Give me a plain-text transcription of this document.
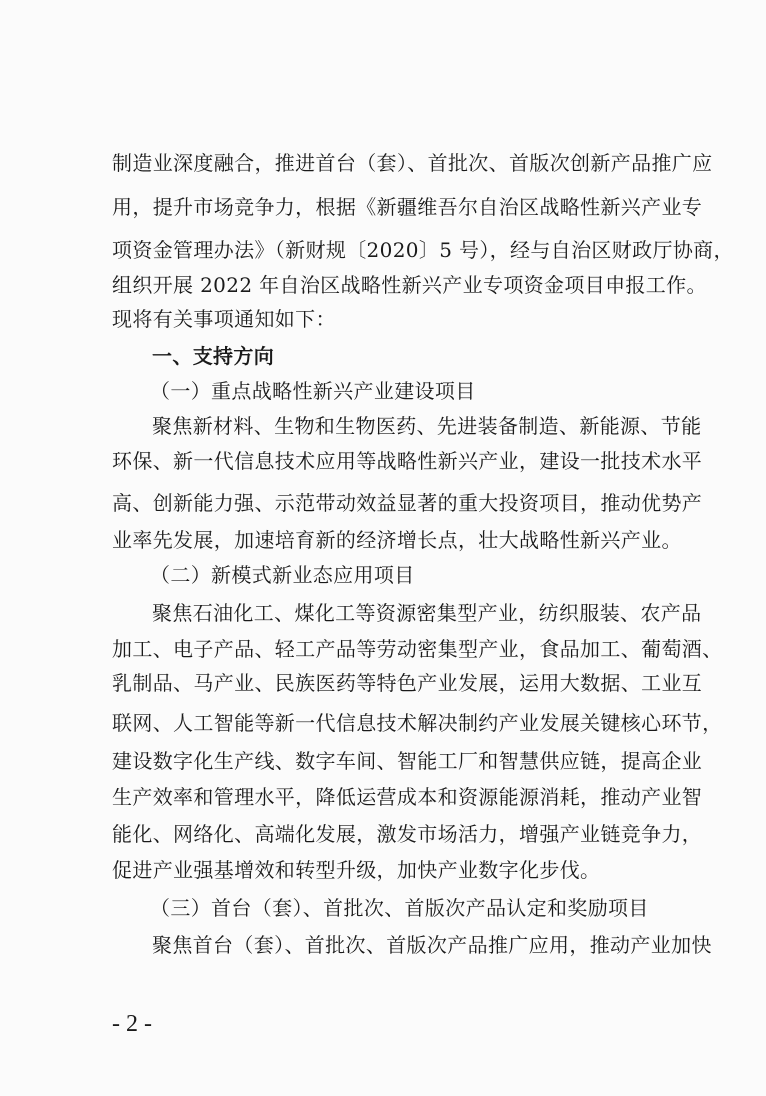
制造业深度融合，推进首台（套）、首批次、首版次创新产品推广应
用，提升市场竞争力，根据《新疆维吾尔自治区战略性新兴产业专
项资金管理办法》（新财规〔2020〕5 号），经与自治区财政厅协商，
组织开展 2022 年自治区战略性新兴产业专项资金项目申报工作。
现将有关事项通知如下：
一、支持方向
（一）重点战略性新兴产业建设项目
聚焦新材料、生物和生物医药、先进装备制造、新能源、节能
环保、新一代信息技术应用等战略性新兴产业，建设一批技术水平
高、创新能力强、示范带动效益显著的重大投资项目，推动优势产
业率先发展，加速培育新的经济增长点，壮大战略性新兴产业。
（二）新模式新业态应用项目
聚焦石油化工、煤化工等资源密集型产业，纺织服装、农产品
加工、电子产品、轻工产品等劳动密集型产业，食品加工、葡萄酒、
乳制品、马产业、民族医药等特色产业发展，运用大数据、工业互
联网、人工智能等新一代信息技术解决制约产业发展关键核心环节，
建设数字化生产线、数字车间、智能工厂和智慧供应链，提高企业
生产效率和管理水平，降低运营成本和资源能源消耗，推动产业智
能化、网络化、高端化发展，激发市场活力，增强产业链竞争力，
促进产业强基增效和转型升级，加快产业数字化步伐。
（三）首台（套）、首批次、首版次产品认定和奖励项目
聚焦首台（套）、首批次、首版次产品推广应用，推动产业加快
- 2 -
